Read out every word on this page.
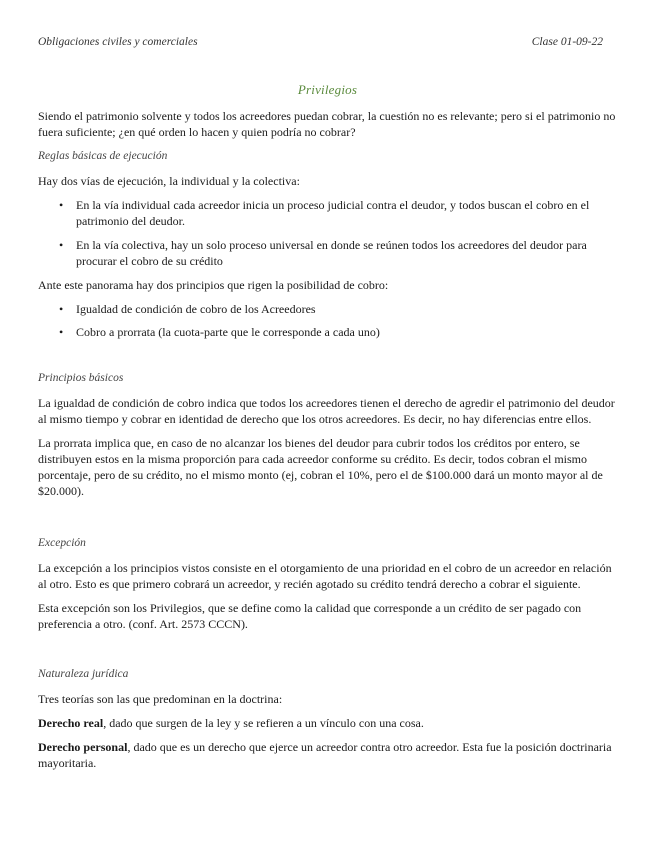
Obligaciones civiles y comerciales	Clase 01-09-22
Privilegios

Siendo el patrimonio solvente y todos los acreedores puedan cobrar, la cuestión no es relevante; pero si el patrimonio no fuera suficiente; ¿en qué orden lo hacen y quien podría no cobrar?

Reglas básicas de ejecución

Hay dos vías de ejecución, la individual y la colectiva:

• En la vía individual cada acreedor inicia un proceso judicial contra el deudor, y todos buscan el cobro en el patrimonio del deudor.
• En la vía colectiva, hay un solo proceso universal en donde se reúnen todos los acreedores del deudor para procurar el cobro de su crédito

Ante este panorama hay dos principios que rigen la posibilidad de cobro:

• Igualdad de condición de cobro de los Acreedores
• Cobro a prorrata (la cuota-parte que le corresponde a cada uno)
Principios básicos

La igualdad de condición de cobro indica que todos los acreedores tienen el derecho de agredir el patrimonio del deudor al mismo tiempo y cobrar en identidad de derecho que los otros acreedores. Es decir, no hay diferencias entre ellos.

La prorrata implica que, en caso de no alcanzar los bienes del deudor para cubrir todos los créditos por entero, se distribuyen estos en la misma proporción para cada acreedor conforme su crédito. Es decir, todos cobran el mismo porcentaje, pero de su crédito, no el mismo monto (ej, cobran el 10%, pero el de $100.000 dará un monto mayor al de $20.000).

Excepción

La excepción a los principios vistos consiste en el otorgamiento de una prioridad en el cobro de un acreedor en relación al otro. Esto es que primero cobrará un acreedor, y recién agotado su crédito tendrá derecho a cobrar el siguiente.

Esta excepción son los Privilegios, que se define como la calidad que corresponde a un crédito de ser pagado con preferencia a otro. (conf. Art. 2573 CCCN).

Naturaleza jurídica

Tres teorías son las que predominan en la doctrina:

Derecho real, dado que surgen de la ley y se refieren a un vínculo con una cosa.

Derecho personal, dado que es un derecho que ejerce un acreedor contra otro acreedor. Esta fue la posición doctrinaria mayoritaria.
